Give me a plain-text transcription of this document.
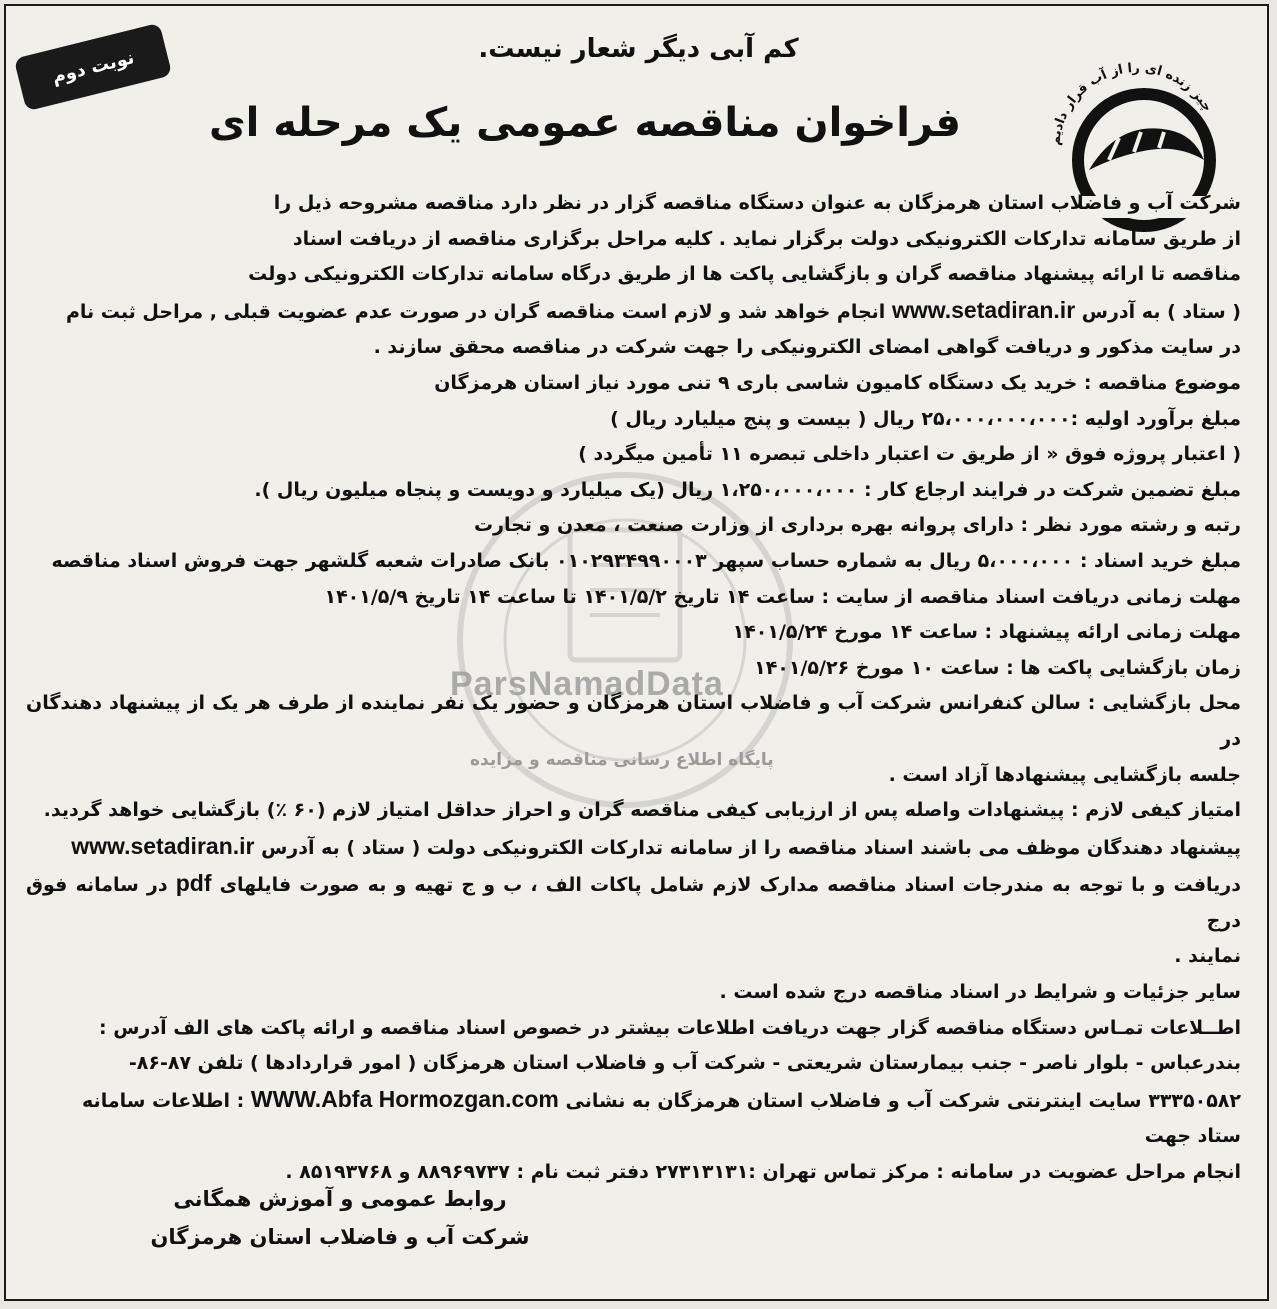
ParsNamadData
پایگاه اطلاع رسانی مناقصه و مزایده
نوبت دوم
چیز زنده ای را از آب قرار دادیم
کم آبی دیگر شعار نیست.
فراخوان مناقصه عمومی یک مرحله ای

شرکت آب و فاضلاب استان هرمزگان به عنوان دستگاه مناقصه گزار در نظر دارد مناقصه مشروحه ذیل را

از طریق سامانه تدارکات الکترونیکی دولت برگزار نماید . کلیه مراحل برگزاری مناقصه از دریافت اسناد

مناقصه تا ارائه پیشنهاد مناقصه گران و بازگشایی پاکت ها از طریق درگاه سامانه تدارکات الکترونیکی دولت

( ستاد ) به آدرس www.setadiran.ir انجام خواهد شد و لازم است مناقصه گران در صورت عدم عضویت قبلی , مراحل ثبت نام

در سایت مذکور و دریافت گواهی امضای الکترونیکی را جهت شرکت در مناقصه محقق سازند .

موضوع مناقصه : خرید یک دستگاه کامیون شاسی باری ۹ تنی مورد نیاز استان هرمزگان

مبلغ برآورد اولیه :۲۵،۰۰۰،۰۰۰،۰۰۰ ریال ( بیست و پنج میلیارد ریال )

( اعتبار پروژه فوق « از طریق ت اعتبار داخلی تبصره ۱۱ تأمین میگردد )

مبلغ تضمین شرکت در فرایند ارجاع کار : ۱،۲۵۰،۰۰۰،۰۰۰ ریال (یک میلیارد و دویست و پنجاه میلیون ریال ).

رتبه و رشته مورد نظر : دارای پروانه بهره برداری از وزارت صنعت ، معدن و تجارت

مبلغ خرید اسناد : ۵،۰۰۰،۰۰۰ ریال به شماره حساب سپهر ۰۱۰۲۹۳۴۹۹۰۰۰۳ بانک صادرات شعبه گلشهر جهت فروش اسناد مناقصه

مهلت زمانی دریافت اسناد مناقصه از سایت : ساعت ۱۴ تاریخ ۱۴۰۱/۵/۲ تا ساعت ۱۴ تاریخ ۱۴۰۱/۵/۹

مهلت زمانی ارائه پیشنهاد : ساعت ۱۴ مورخ ۱۴۰۱/۵/۲۴

زمان بازگشایی پاکت ها : ساعت ۱۰ مورخ ۱۴۰۱/۵/۲۶

محل بازگشایی : سالن کنفرانس شرکت آب و فاضلاب استان هرمزگان و حضور یک نفر نماینده از طرف هر یک از پیشنهاد دهندگان در

جلسه بازگشایی پیشنهادها آزاد است .

امتیاز کیفی لازم : پیشنهادات واصله پس از ارزیابی کیفی مناقصه گران و احراز حداقل امتیاز لازم (۶۰ ٪) بازگشایی خواهد گردید.

پیشنهاد دهندگان موظف می باشند اسناد مناقصه را از سامانه تدارکات الکترونیکی دولت ( ستاد ) به آدرس www.setadiran.ir

دریافت و با توجه به مندرجات اسناد مناقصه مدارک لازم شامل پاکات الف ، ب و ج تهیه و به صورت فایلهای pdf در سامانه فوق درج

نمایند .

سایر جزئیات و شرایط در اسناد مناقصه درج شده است .

اطــلاعات تمـاس دستگاه مناقصه گزار جهت دریافت اطلاعات بیشتر در خصوص اسناد مناقصه و ارائه پاکت های الف آدرس :

بندرعباس - بلوار ناصر - جنب بیمارستان شریعتی - شرکت آب و فاضلاب استان هرمزگان ( امور قراردادها ) تلفن ۸۷-۸۶-

۳۳۳۵۰۵۸۲ سایت اینترنتی شرکت آب و فاضلاب استان هرمزگان به نشانی WWW.Abfa Hormozgan.com : اطلاعات سامانه

ستاد جهت

انجام مراحل عضویت در سامانه : مرکز تماس تهران :۲۷۳۱۳۱۳۱ دفتر ثبت نام : ۸۸۹۶۹۷۳۷ و ۸۵۱۹۳۷۶۸ .

روابط عمومی و آموزش همگانی
شرکت آب و فاضلاب استان هرمزگان
